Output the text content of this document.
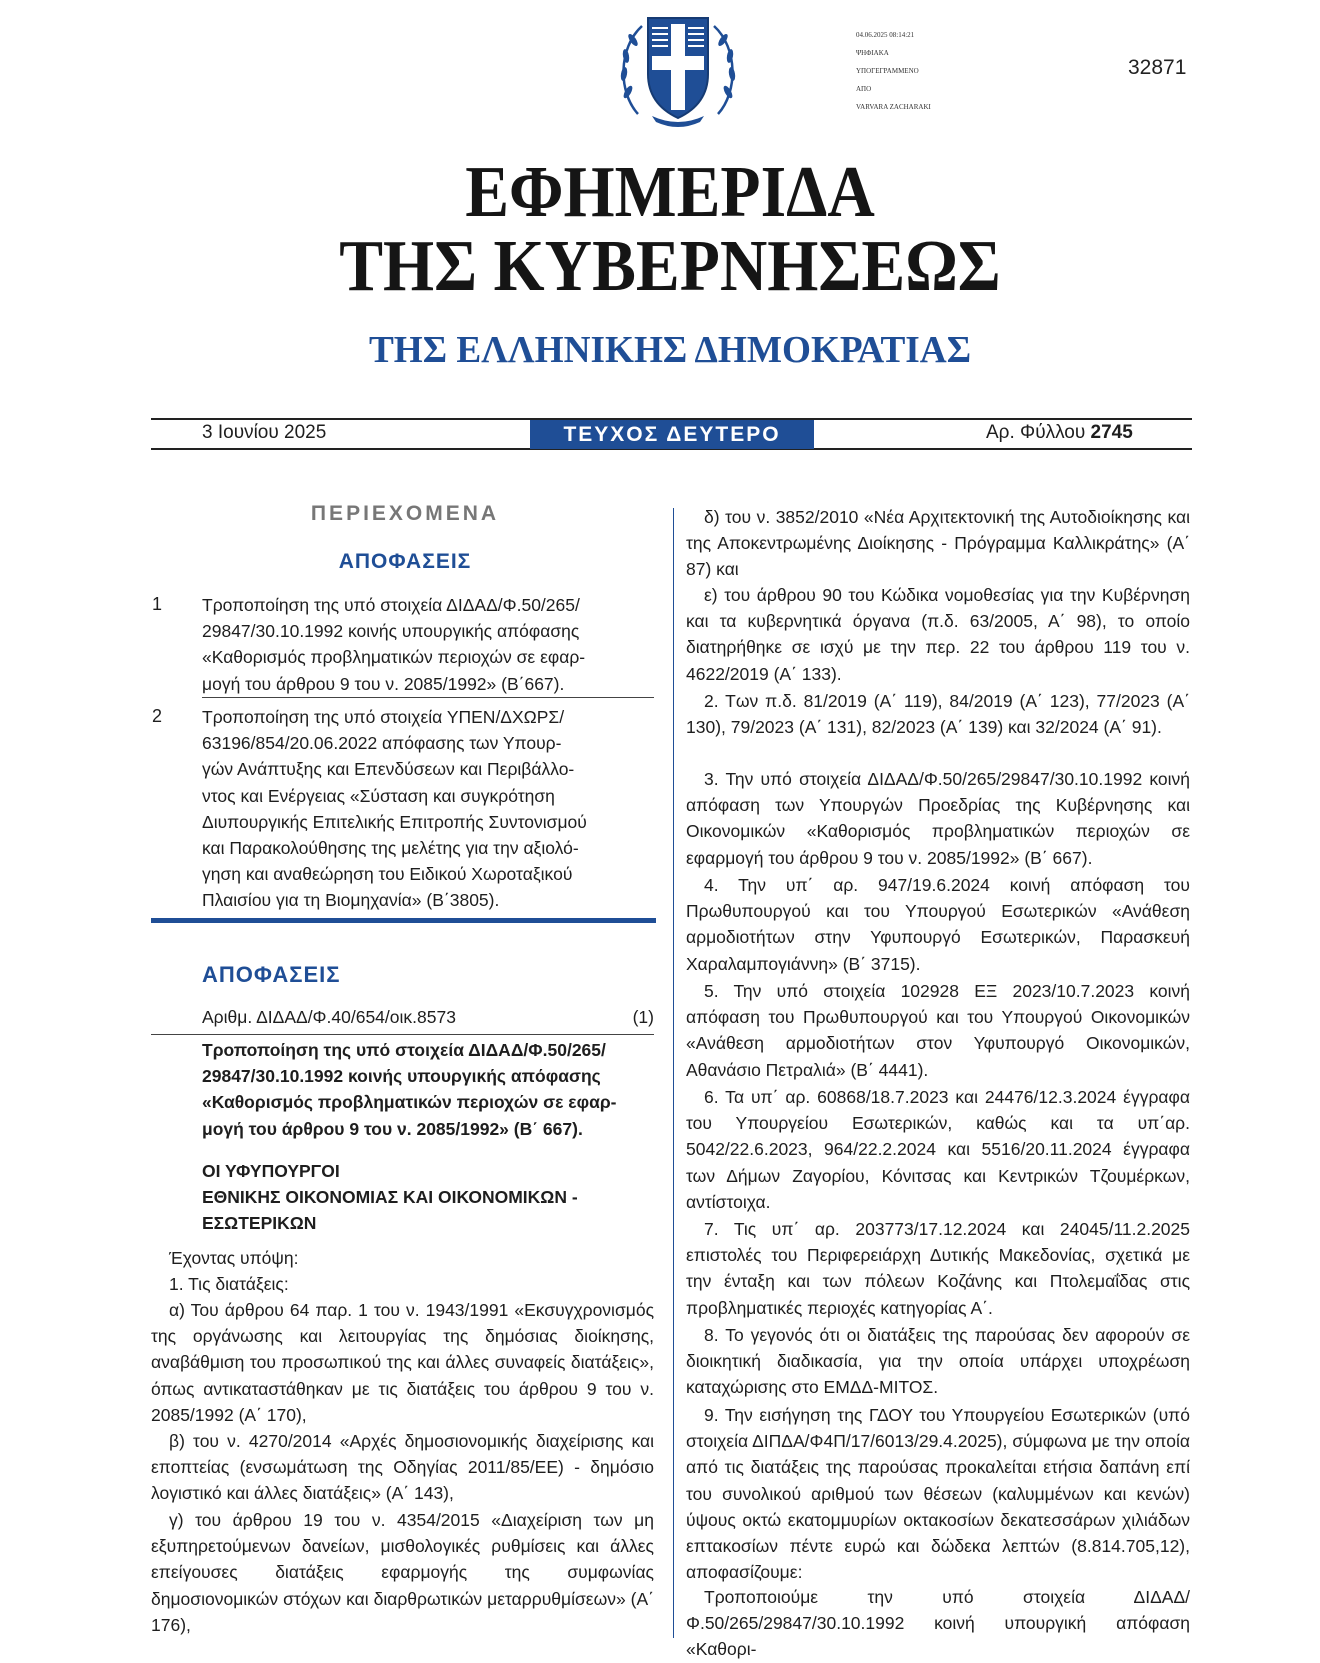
04.06.2025 08:14:21
ΨΗΦΙΑΚΑ
ΥΠΟΓΕΓΡΑΜΜΕΝΟ
ΑΠΟ
VARVARA ZACHARAKI
32871
ΕΦΗΜΕΡΙΔΑ
ΤΗΣ ΚΥΒΕΡΝΗΣΕΩΣ
ΤΗΣ ΕΛΛΗΝΙΚΗΣ ΔΗΜΟΚΡΑΤΙΑΣ
3 Ιουνίου 2025	ΤΕΥΧΟΣ ΔΕΥΤΕΡΟ	Αρ. Φύλλου 2745
ΠΕΡΙΕΧΟΜΕΝΑ
ΑΠΟΦΑΣΕΙΣ
1 Τροποποίηση της υπό στοιχεία ΔΙΔΑΔ/Φ.50/265/
29847/30.10.1992 κοινής υπουργικής απόφασης
«Καθορισμός προβληματικών περιοχών σε εφαρ-
μογή του άρθρου 9 του ν. 2085/1992» (Β΄667).
2 Τροποποίηση της υπό στοιχεία ΥΠΕΝ/ΔΧΩΡΣ/
63196/854/20.06.2022 απόφασης των Υπουρ-
γών Ανάπτυξης και Επενδύσεων και Περιβάλλο-
ντος και Ενέργειας «Σύσταση και συγκρότηση
Διυπουργικής Επιτελικής Επιτροπής Συντονισμού
και Παρακολούθησης της μελέτης για την αξιολό-
γηση και αναθεώρηση του Ειδικού Χωροταξικού
Πλαισίου για τη Βιομηχανία» (Β΄3805).
ΑΠΟΦΑΣΕΙΣ
Αριθμ. ΔΙΔΑΔ/Φ.40/654/οικ.8573	(1)
Τροποποίηση της υπό στοιχεία ΔΙΔΑΔ/Φ.50/265/
29847/30.10.1992 κοινής υπουργικής απόφασης
«Καθορισμός προβληματικών περιοχών σε εφαρ-
μογή του άρθρου 9 του ν. 2085/1992» (Β΄ 667).
ΟΙ ΥΦΥΠΟΥΡΓΟΙ
ΕΘΝΙΚΗΣ ΟΙΚΟΝΟΜΙΑΣ ΚΑΙ ΟΙΚΟΝΟΜΙΚΩΝ -
ΕΣΩΤΕΡΙΚΩΝ
Έχοντας υπόψη:
1. Τις διατάξεις:
α) Του άρθρου 64 παρ. 1 του ν. 1943/1991 «Εκσυγχρονισμός της οργάνωσης και λειτουργίας της δημόσιας διοίκησης, αναβάθμιση του προσωπικού της και άλλες συναφείς διατάξεις», όπως αντικαταστάθηκαν με τις διατάξεις του άρθρου 9 του ν. 2085/1992 (Α΄ 170),
β) του ν. 4270/2014 «Αρχές δημοσιονομικής διαχείρισης και εποπτείας (ενσωμάτωση της Οδηγίας 2011/85/ΕΕ) - δημόσιο λογιστικό και άλλες διατάξεις» (Α΄ 143),
γ) του άρθρου 19 του ν. 4354/2015 «Διαχείριση των μη εξυπηρετούμενων δανείων, μισθολογικές ρυθμίσεις και άλλες επείγουσες διατάξεις εφαρμογής της συμφωνίας δημοσιονομικών στόχων και διαρθρωτικών μεταρρυθμίσεων» (Α΄ 176),
δ) του ν. 3852/2010 «Νέα Αρχιτεκτονική της Αυτοδιοίκησης και της Αποκεντρωμένης Διοίκησης - Πρόγραμμα Καλλικράτης» (Α΄ 87) και
ε) του άρθρου 90 του Κώδικα νομοθεσίας για την Κυβέρνηση και τα κυβερνητικά όργανα (π.δ. 63/2005, Α΄ 98), το οποίο διατηρήθηκε σε ισχύ με την περ. 22 του άρθρου 119 του ν. 4622/2019 (Α΄ 133).
2. Των π.δ. 81/2019 (Α΄ 119), 84/2019 (Α΄ 123), 77/2023 (Α΄ 130), 79/2023 (Α΄ 131), 82/2023 (Α΄ 139) και 32/2024 (Α΄ 91).
3. Την υπό στοιχεία ΔΙΔΑΔ/Φ.50/265/29847/30.10.1992 κοινή απόφαση των Υπουργών Προεδρίας της Κυβέρνησης και Οικονομικών «Καθορισμός προβληματικών περιοχών σε εφαρμογή του άρθρου 9 του ν. 2085/1992» (Β΄ 667).
4. Την υπ΄ αρ. 947/19.6.2024 κοινή απόφαση του Πρωθυπουργού και του Υπουργού Εσωτερικών «Ανάθεση αρμοδιοτήτων στην Υφυπουργό Εσωτερικών, Παρασκευή Χαραλαμπογιάννη» (Β΄ 3715).
5. Την υπό στοιχεία 102928 ΕΞ 2023/10.7.2023 κοινή απόφαση του Πρωθυπουργού και του Υπουργού Οικονομικών «Ανάθεση αρμοδιοτήτων στον Υφυπουργό Οικονομικών, Αθανάσιο Πετραλιά» (Β΄ 4441).
6. Τα υπ΄ αρ. 60868/18.7.2023 και 24476/12.3.2024 έγγραφα του Υπουργείου Εσωτερικών, καθώς και τα υπ΄αρ. 5042/22.6.2023, 964/22.2.2024 και 5516/20.11.2024 έγγραφα των Δήμων Ζαγορίου, Κόνιτσας και Κεντρικών Τζουμέρκων, αντίστοιχα.
7. Τις υπ΄ αρ. 203773/17.12.2024 και 24045/11.2.2025 επιστολές του Περιφερειάρχη Δυτικής Μακεδονίας, σχετικά με την ένταξη και των πόλεων Κοζάνης και Πτολεμαΐδας στις προβληματικές περιοχές κατηγορίας Α΄.
8. Το γεγονός ότι οι διατάξεις της παρούσας δεν αφορούν σε διοικητική διαδικασία, για την οποία υπάρχει υποχρέωση καταχώρισης στο ΕΜΔΔ-ΜΙΤΟΣ.
9. Την εισήγηση της ΓΔΟΥ του Υπουργείου Εσωτερικών (υπό στοιχεία ΔΙΠΔΑ/Φ4Π/17/6013/29.4.2025), σύμφωνα με την οποία από τις διατάξεις της παρούσας προκαλείται ετήσια δαπάνη επί του συνολικού αριθμού των θέσεων (καλυμμένων και κενών) ύψους οκτώ εκατομμυρίων οκτακοσίων δεκατεσσάρων χιλιάδων επτακοσίων πέντε ευρώ και δώδεκα λεπτών (8.814.705,12), αποφασίζουμε:
Τροποποιούμε την υπό στοιχεία ΔΙΔΑΔ/Φ.50/265/29847/30.10.1992 κοινή υπουργική απόφαση «Καθορι-
